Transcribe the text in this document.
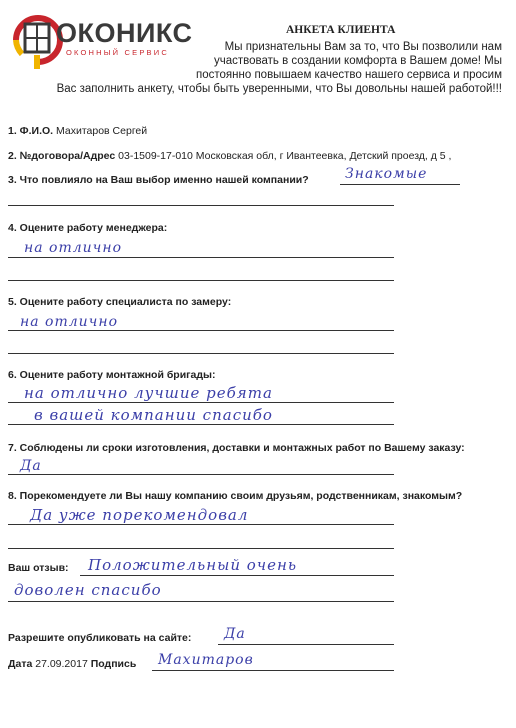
ОКОНИКС
ОКОННЫЙ СЕРВИС
АНКЕТА КЛИЕНТА
Мы признательны Вам за то, что Вы позволили нам
участвовать в создании комфорта в Вашем доме! Мы
постоянно повышаем качество нашего сервиса и просим
Вас заполнить анкету, чтобы быть уверенными, что Вы довольны нашей работой!!!
1. Ф.И.О. Махитаров Сергей
2. №договора/Адрес 03-1509-17-010 Московская обл, г Ивантеевка, Детский проезд, д 5 ,
3. Что повлияло на Ваш выбор именно нашей компании?	Знакомые
4. Оцените работу менеджера:
на отлично
5. Оцените работу специалиста по замеру:
на отлично
6. Оцените работу монтажной бригады:
на отлично лучшие ребята
в вашей компании спасибо
7. Соблюдены ли сроки изготовления, доставки и монтажных работ по Вашему заказу:
Да
8. Порекомендуете ли Вы нашу компанию своим друзьям, родственникам, знакомым?
Да уже порекомендовал
Ваш отзыв: Положительный очень
доволен спасибо
Разрешите опубликовать на сайте: Да
Дата 27.09.2017 Подпись Махитаров
